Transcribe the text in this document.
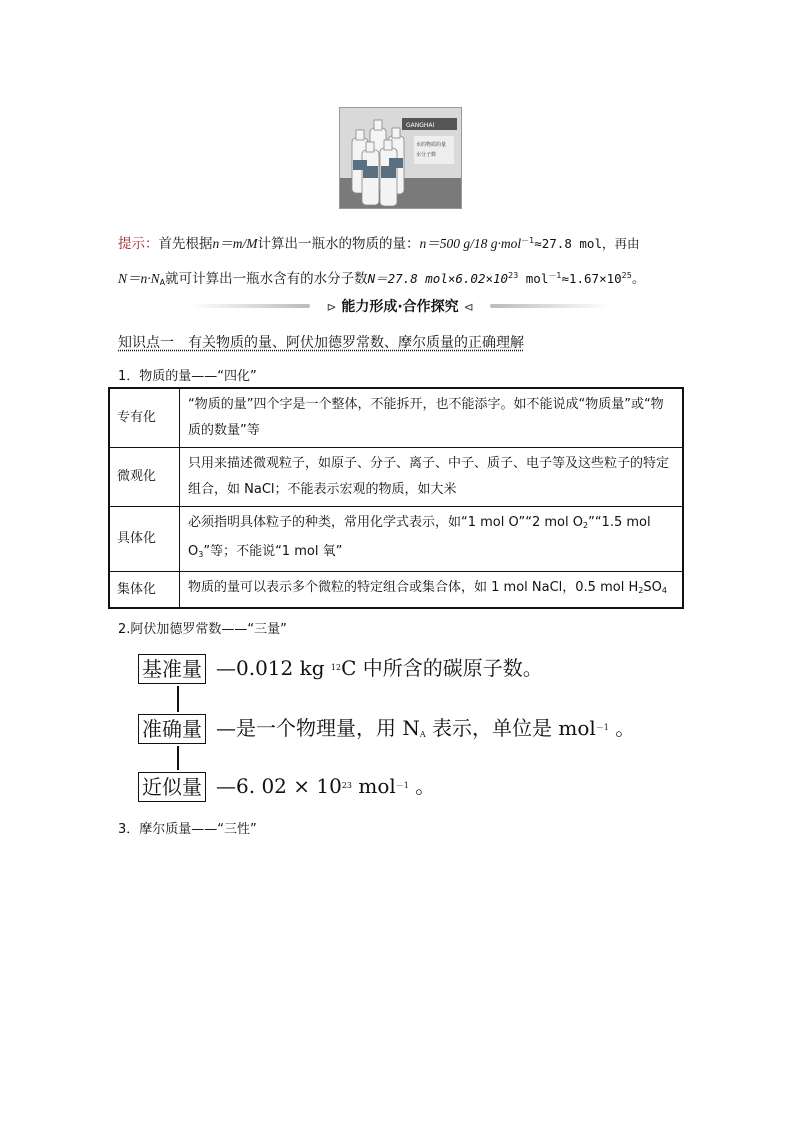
GANGHAI
水的物质的量
水分子数
提示：首先根据n＝m/M计算出一瓶水的物质的量：n＝500 g/18 g·mol$^{-1}$≈27.8 mol，再由
$N=n\cdot N_A$就可计算出一瓶水含有的水分子数N＝27.8 $mol\times 6.02\times 10^{23}$ $mol^{-1}\approx 1.67\times 10^{25}$。
⊳ 能力形成·合作探究 ⊲
知识点一　有关物质的量、阿伏加德罗常数、摩尔质量的正确理解
1．物质的量——“四化”
专有化	“物质的量”四个字是一个整体，不能拆开，也不能添字。如不能说成“物质量”或“物质的数量”等
微观化	只用来描述微观粒子，如原子、分子、离子、中子、质子、电子等及这些粒子的特定组合，如 NaCl；不能表示宏观的物质，如大米
具体化	必须指明具体粒子的种类，常用化学式表示，如“1 mol O”“2 mol $O_2”“1.5$ mol $O_3$”等；不能说“1 mol 氧”
集体化	物质的量可以表示多个微粒的特定组合或集合体，如 1 mol NaCl，0.5 mol $H_2SO_4$
2.阿伏加德罗常数——“三量”
基准量 —0.012 kg $^{12}$C 中所含的碳原子数。
准确量 —是一个物理量，用 $N_A$ 表示，单位是 mol$^{-1}$ 。
近似量 —6. $02 \times 10^{23}$ mol$^{-1}$ 。
3．摩尔质量——“三性”
